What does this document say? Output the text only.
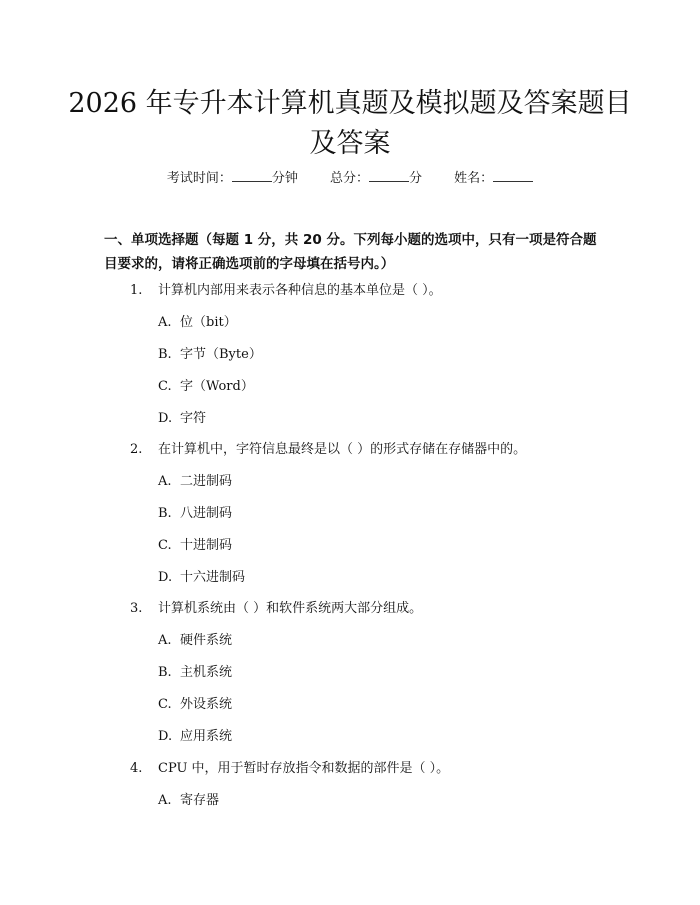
2026 年专升本计算机真题及模拟题及答案题目及答案
考试时间：	分钟 总分：	分 姓名：

一、单项选择题（每题 1 分，共 20 分。下列每小题的选项中，只有一项是符合题目要求的，请将正确选项前的字母填在括号内。）

1. 计算机内部用来表示各种信息的基本单位是（ ）。
A. 位（bit）
B. 字节（Byte）
C. 字（Word）
D. 字符
2. 在计算机中，字符信息最终是以（ ）的形式存储在存储器中的。
A. 二进制码
B. 八进制码
C. 十进制码
D. 十六进制码
3. 计算机系统由（ ）和软件系统两大部分组成。
A. 硬件系统
B. 主机系统
C. 外设系统
D. 应用系统
4. CPU 中，用于暂时存放指令和数据的部件是（ ）。
A. 寄存器
